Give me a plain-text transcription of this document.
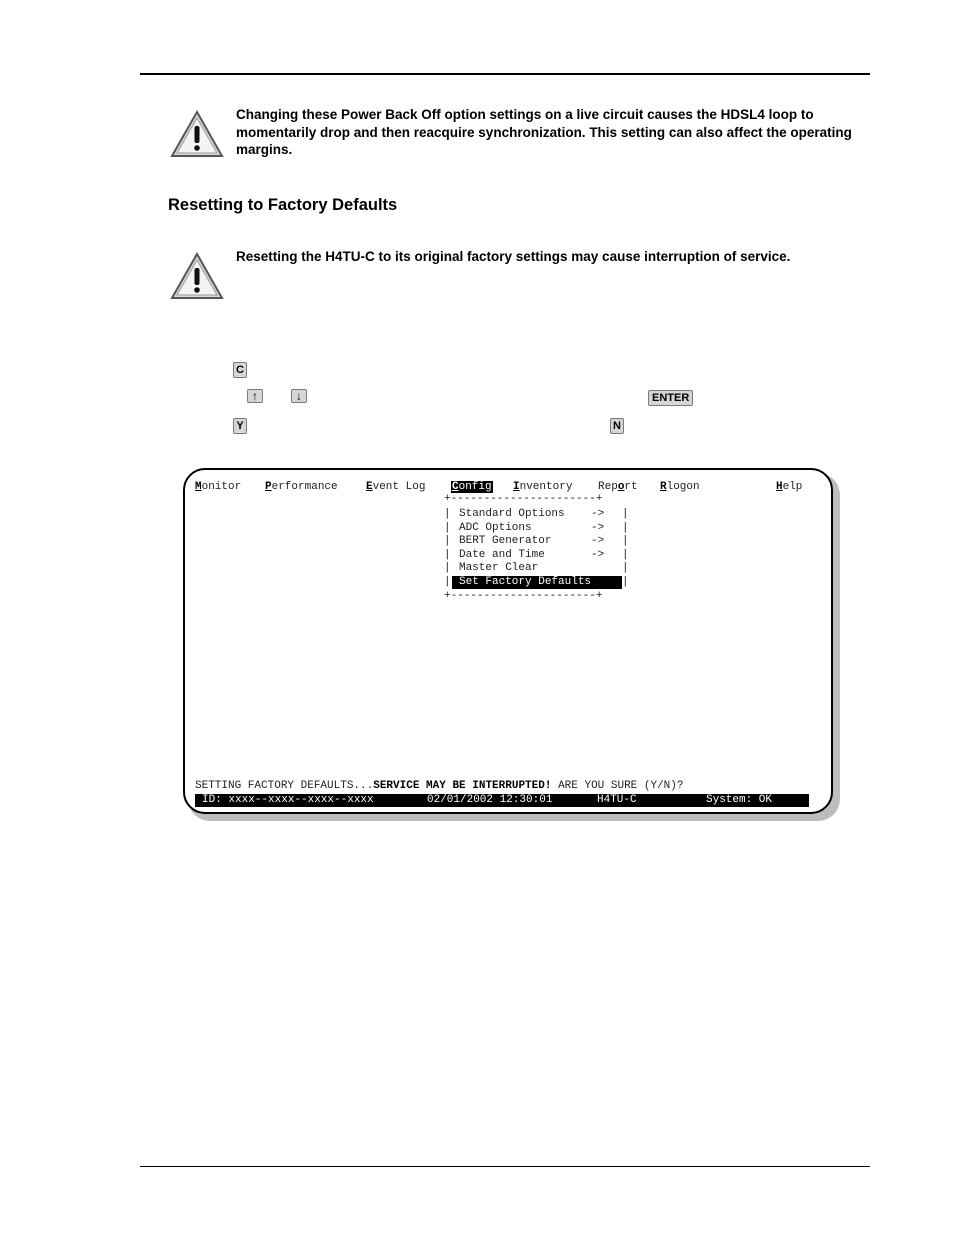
Changing these Power Back Off option settings on a live circuit causes the HDSL4 loop to momentarily drop and then reacquire synchronization. This setting can also affect the operating margins.
Resetting to Factory Defaults
Resetting the H4TU-C to its original factory settings may cause interruption of service.
C
↑	↓	ENTER
Y	N
Monitor Performance	Event Log Config Inventory Report Rlogon	Help
+----------------------+
| Standard Options -> |
| ADC Options	-> |
| BERT Generator	-> |
| Date and Time	-> |
| Master Clear	|
| Set Factory Defaults	|
+----------------------+
SETTING FACTORY DEFAULTS...SERVICE MAY BE INTERRUPTED! ARE YOU SURE (Y/N)?

ID: xxxx--xxxx--xxxx--xxxx

	02/01/2002 12:30:01

	H4TU-C

	System: OK
